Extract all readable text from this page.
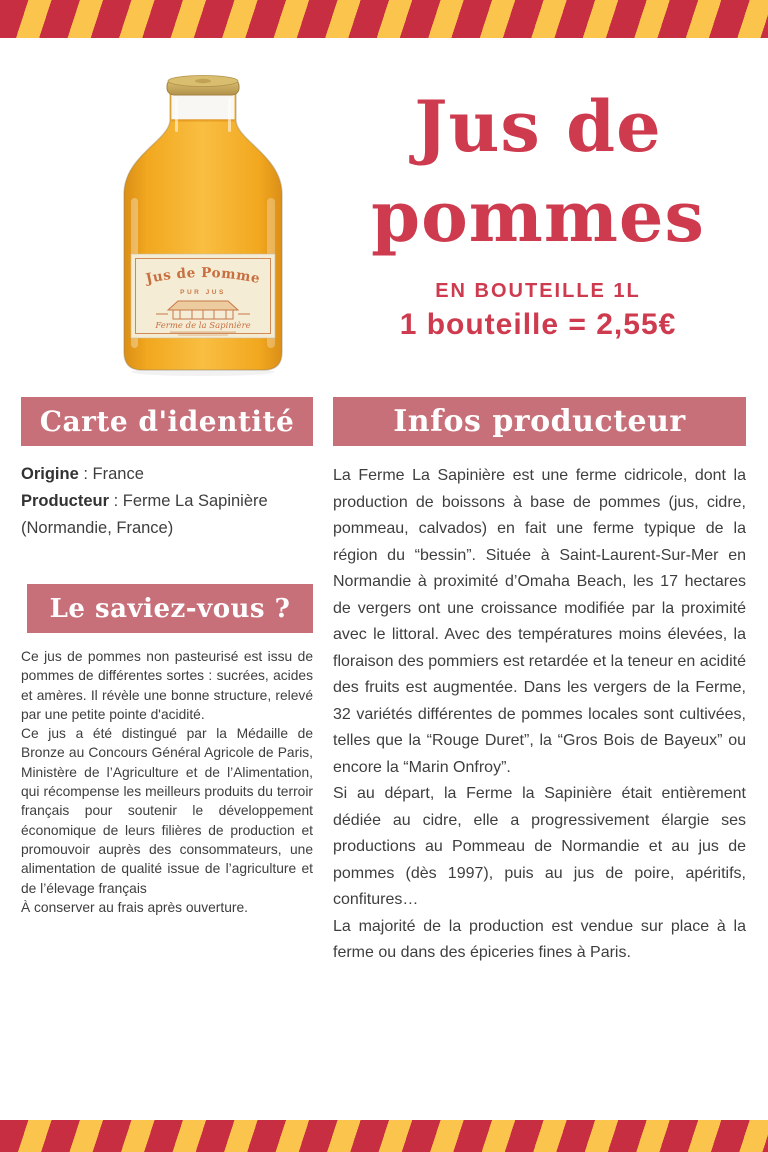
Jus de Pomme
PUR JUS
Ferme de la Sapinière
Jus de
pommes
EN BOUTEILLE 1L
1 bouteille = 2,55€
Carte d'identité

Origine : France

Producteur : Ferme La Sapinière (Normandie, France)

Le saviez-vous ?

Ce jus de pommes non pasteurisé est issu de pommes de différentes sortes : sucrées, acides et amères. Il révèle une bonne structure, relevé par une petite pointe d'acidité.

Ce jus a été distingué par la Médaille de Bronze au Concours Général Agricole de Paris, Ministère de l’Agriculture et de l’Alimentation, qui récompense les meilleurs produits du terroir français pour soutenir le développement économique de leurs filières de production et promouvoir auprès des consommateurs, une alimentation de qualité issue de l’agriculture et de l’élevage français

À conserver au frais après ouverture.

Infos producteur

La Ferme La Sapinière est une ferme cidricole, dont la production de boissons à base de pommes (jus, cidre, pommeau, calvados) en fait une ferme typique de la région du “bessin”. Située à Saint-Laurent-Sur-Mer en Normandie à proximité d’Omaha Beach, les 17 hectares de vergers ont une croissance modifiée par la proximité avec le littoral. Avec des températures moins élevées, la floraison des pommiers est retardée et la teneur en acidité des fruits est augmentée. Dans les vergers de la Ferme, 32 variétés différentes de pommes locales sont cultivées, telles que la “Rouge Duret”, la “Gros Bois de Bayeux” ou encore la “Marin Onfroy”.

Si au départ, la Ferme la Sapinière était entièrement dédiée au cidre, elle a progressivement élargie ses productions au Pommeau de Normandie et au jus de pommes (dès 1997), puis au jus de poire, apéritifs, confitures…

La majorité de la production est vendue sur place à la ferme ou dans des épiceries fines à Paris.
